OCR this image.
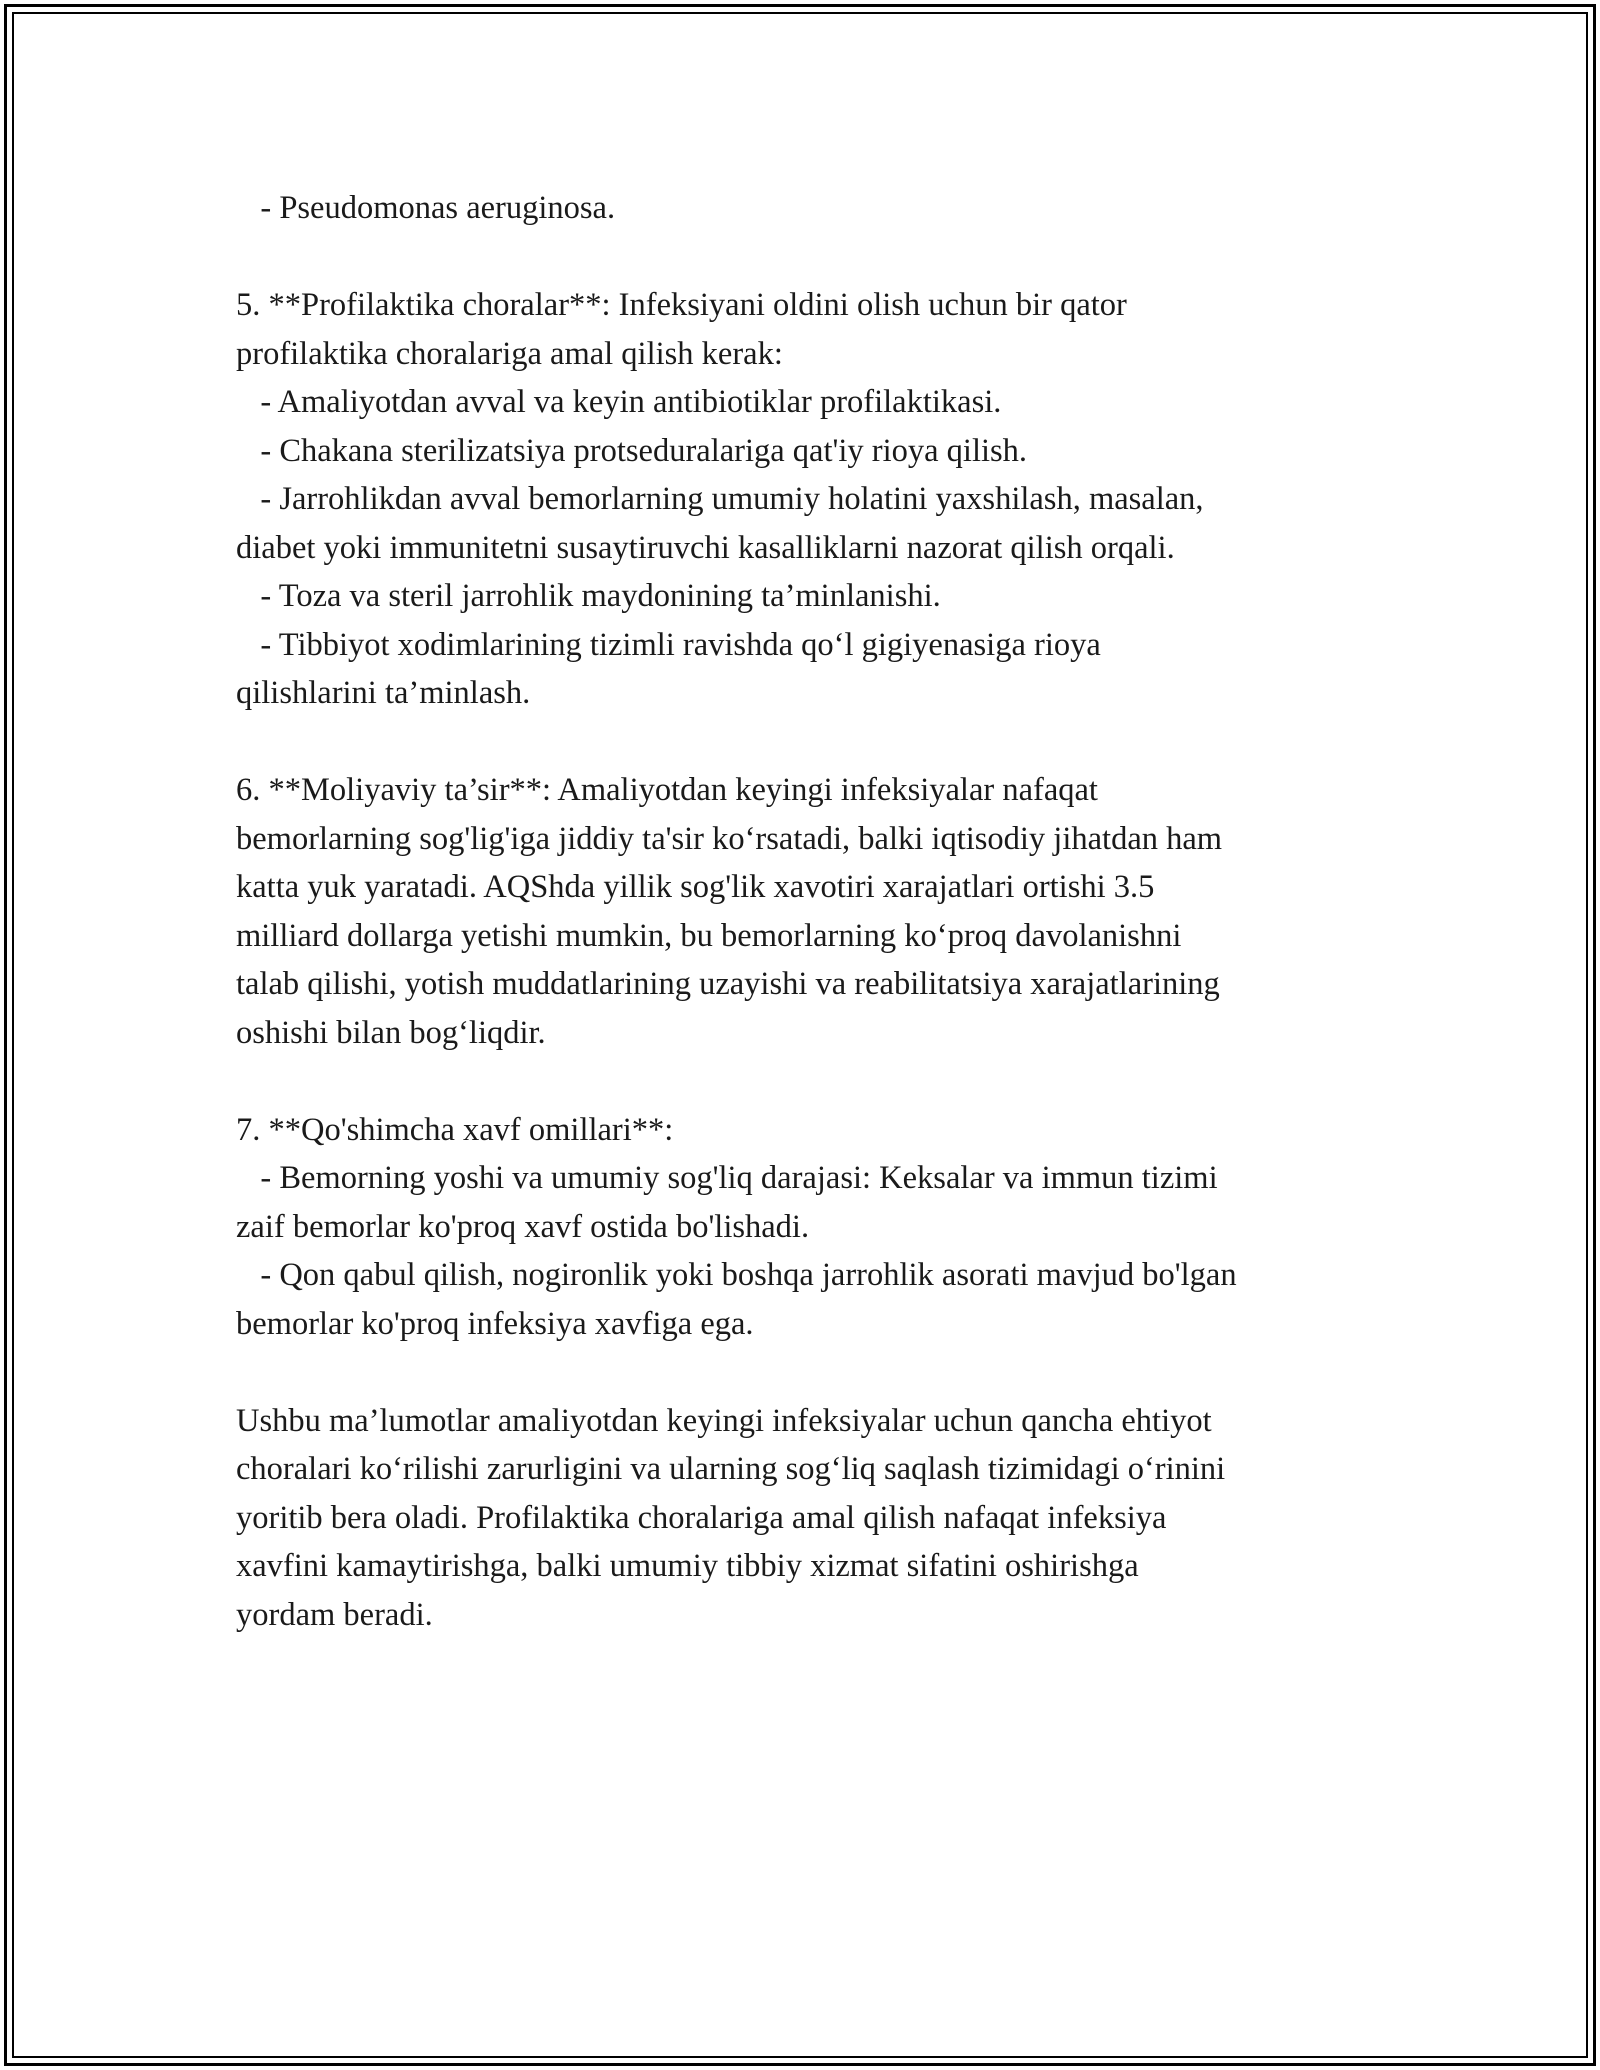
- Pseudomonas aeruginosa.
5. **Profilaktika choralar**: Infeksiyani oldini olish uchun bir qator
profilaktika choralariga amal qilish kerak:
- Amaliyotdan avval va keyin antibiotiklar profilaktikasi.
- Chakana sterilizatsiya protseduralariga qat'iy rioya qilish.
- Jarrohlikdan avval bemorlarning umumiy holatini yaxshilash, masalan,
diabet yoki immunitetni susaytiruvchi kasalliklarni nazorat qilish orqali.
- Toza va steril jarrohlik maydonining ta’minlanishi.
- Tibbiyot xodimlarining tizimli ravishda qo‘l gigiyenasiga rioya
qilishlarini ta’minlash.
6. **Moliyaviy ta’sir**: Amaliyotdan keyingi infeksiyalar nafaqat
bemorlarning sog'lig'iga jiddiy ta'sir ko‘rsatadi, balki iqtisodiy jihatdan ham
katta yuk yaratadi. AQShda yillik sog'lik xavotiri xarajatlari ortishi 3.5
milliard dollarga yetishi mumkin, bu bemorlarning ko‘proq davolanishni
talab qilishi, yotish muddatlarining uzayishi va reabilitatsiya xarajatlarining
oshishi bilan bog‘liqdir.
7. **Qo'shimcha xavf omillari**:
- Bemorning yoshi va umumiy sog'liq darajasi: Keksalar va immun tizimi
zaif bemorlar ko'proq xavf ostida bo'lishadi.
- Qon qabul qilish, nogironlik yoki boshqa jarrohlik asorati mavjud bo'lgan
bemorlar ko'proq infeksiya xavfiga ega.
Ushbu ma’lumotlar amaliyotdan keyingi infeksiyalar uchun qancha ehtiyot
choralari ko‘rilishi zarurligini va ularning sog‘liq saqlash tizimidagi o‘rinini
yoritib bera oladi. Profilaktika choralariga amal qilish nafaqat infeksiya
xavfini kamaytirishga, balki umumiy tibbiy xizmat sifatini oshirishga
yordam beradi.
